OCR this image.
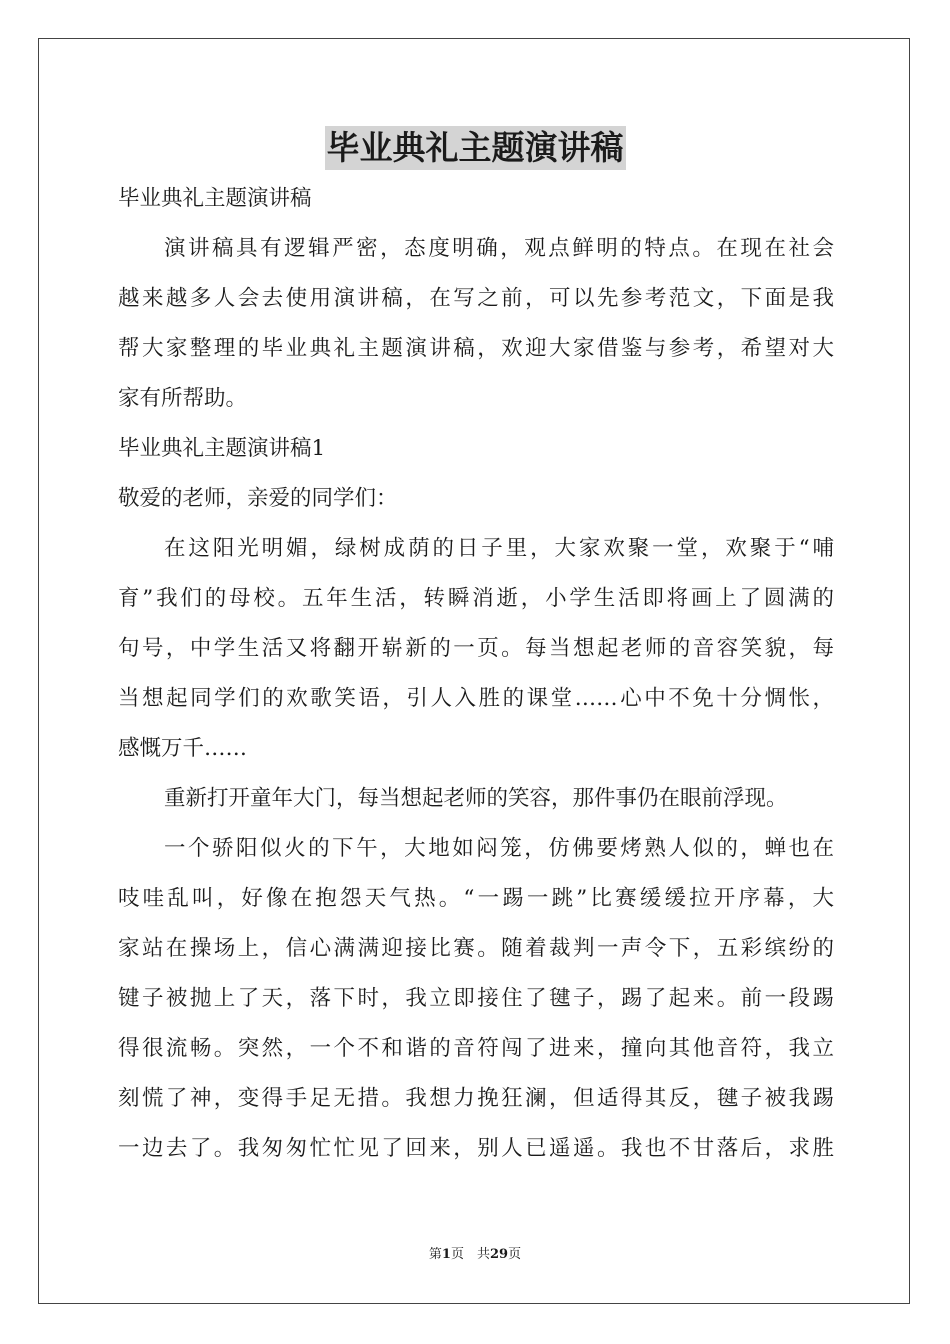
毕业典礼主题演讲稿
毕业典礼主题演讲稿
演讲稿具有逻辑严密，态度明确，观点鲜明的特点。在现在社会
越来越多人会去使用演讲稿，在写之前，可以先参考范文，下面是我
帮大家整理的毕业典礼主题演讲稿，欢迎大家借鉴与参考，希望对大
家有所帮助。
毕业典礼主题演讲稿1
敬爱的老师，亲爱的同学们：
在这阳光明媚，绿树成荫的日子里，大家欢聚一堂，欢聚于“哺
育”我们的母校。五年生活，转瞬消逝，小学生活即将画上了圆满的
句号，中学生活又将翻开崭新的一页。每当想起老师的音容笑貌，每
当想起同学们的欢歌笑语，引人入胜的课堂……心中不免十分惆怅，
感慨万千……
重新打开童年大门，每当想起老师的笑容，那件事仍在眼前浮现。
一个骄阳似火的下午，大地如闷笼，仿佛要烤熟人似的，蝉也在
吱哇乱叫，好像在抱怨天气热。“一踢一跳”比赛缓缓拉开序幕，大
家站在操场上，信心满满迎接比赛。随着裁判一声令下，五彩缤纷的
键子被抛上了天，落下时，我立即接住了毽子，踢了起来。前一段踢
得很流畅。突然，一个不和谐的音符闯了进来，撞向其他音符，我立
刻慌了神，变得手足无措。我想力挽狂澜，但适得其反，毽子被我踢
一边去了。我匆匆忙忙见了回来，别人已遥遥。我也不甘落后，求胜
第1页　共29页
